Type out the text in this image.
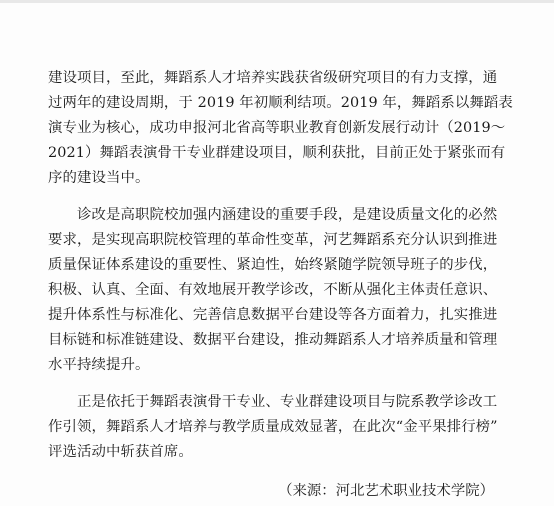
建设项目，至此，舞蹈系人才培养实践获省级研究项目的有力支撑，通
过两年的建设周期，于 2019 年初顺利结项。2019 年，舞蹈系以舞蹈表
演专业为核心，成功申报河北省高等职业教育创新发展行动计（2019～
2021）舞蹈表演骨干专业群建设项目，顺利获批，目前正处于紧张而有
序的建设当中。
诊改是高职院校加强内涵建设的重要手段，是建设质量文化的必然
要求，是实现高职院校管理的革命性变革，河艺舞蹈系充分认识到推进
质量保证体系建设的重要性、紧迫性，始终紧随学院领导班子的步伐，
积极、认真、全面、有效地展开教学诊改，不断从强化主体责任意识、
提升体系性与标准化、完善信息数据平台建设等各方面着力，扎实推进
目标链和标准链建设、数据平台建设，推动舞蹈系人才培养质量和管理
水平持续提升。
正是依托于舞蹈表演骨干专业、专业群建设项目与院系教学诊改工
作引领，舞蹈系人才培养与教学质量成效显著，在此次“金平果排行榜”
评选活动中斩获首席。
（来源：河北艺术职业技术学院）
